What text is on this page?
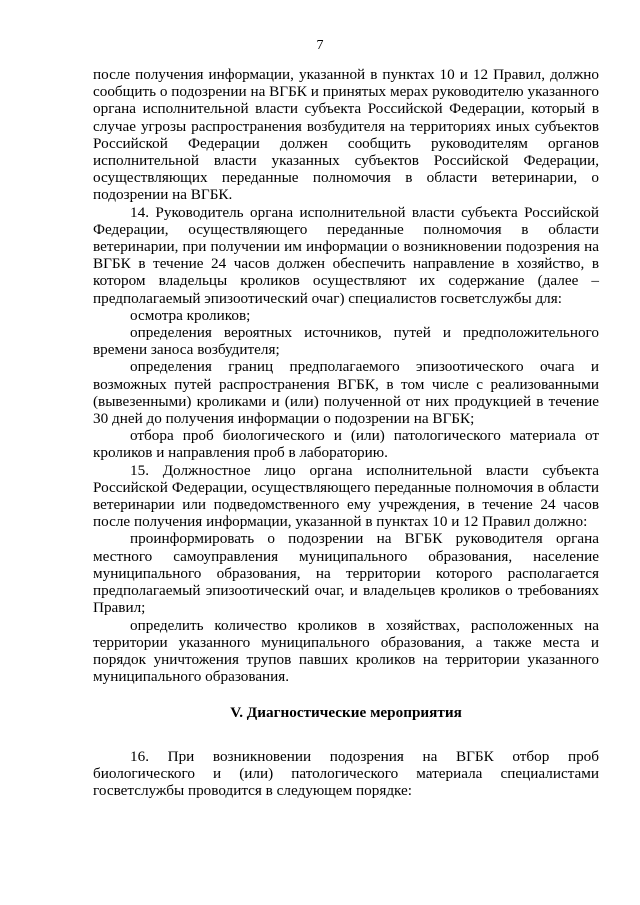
7

после получения информации, указанной в пунктах 10 и 12 Правил, должно сообщить о подозрении на ВГБК и принятых мерах руководителю указанного органа исполнительной власти субъекта Российской Федерации, который в случае угрозы распространения возбудителя на территориях иных субъектов Российской Федерации должен сообщить руководителям органов исполнительной власти указанных субъектов Российской Федерации, осуществляющих переданные полномочия в области ветеринарии, о подозрении на ВГБК.

14. Руководитель органа исполнительной власти субъекта Российской Федерации, осуществляющего переданные полномочия в области ветеринарии, при получении им информации о возникновении подозрения на ВГБК в течение 24 часов должен обеспечить направление в хозяйство, в котором владельцы кроликов осуществляют их содержание (далее – предполагаемый эпизоотический очаг) специалистов госветслужбы для:

осмотра кроликов;

определения вероятных источников, путей и предположительного времени заноса возбудителя;

определения границ предполагаемого эпизоотического очага и возможных путей распространения ВГБК, в том числе с реализованными (вывезенными) кроликами и (или) полученной от них продукцией в течение 30 дней до получения информации о подозрении на ВГБК;

отбора проб биологического и (или) патологического материала от кроликов и направления проб в лабораторию.

15. Должностное лицо органа исполнительной власти субъекта Российской Федерации, осуществляющего переданные полномочия в области ветеринарии или подведомственного ему учреждения, в течение 24 часов после получения информации, указанной в пунктах 10 и 12 Правил должно:

проинформировать о подозрении на ВГБК руководителя органа местного самоуправления муниципального образования, население муниципального образования, на территории которого располагается предполагаемый эпизоотический очаг, и владельцев кроликов о требованиях Правил;

определить количество кроликов в хозяйствах, расположенных на территории указанного муниципального образования, а также места и порядок уничтожения трупов павших кроликов на территории указанного муниципального образования.

V. Диагностические мероприятия

16. При возникновении подозрения на ВГБК отбор проб биологического и (или) патологического материала специалистами госветслужбы проводится в следующем порядке:
